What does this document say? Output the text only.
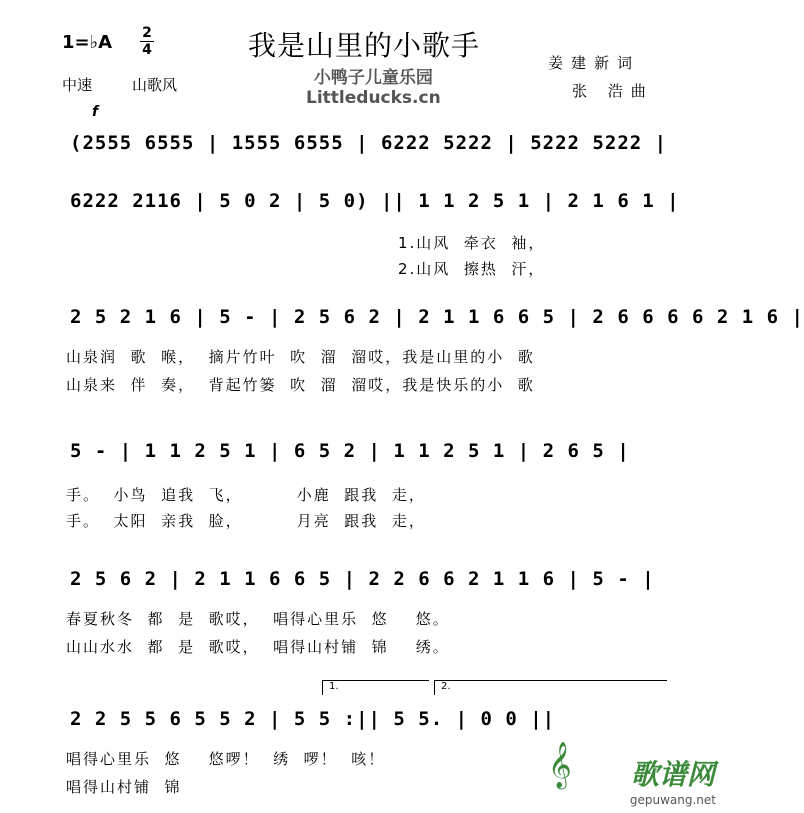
1=♭A 2
4	我是山里的小歌手
中速	山歌风	小鸭子儿童乐园
Littleducks.cn
姜建新词
张 浩曲
f
(2555 6555 | 1555 6555 | 6222 5222 | 5222 5222 |
6222 2116 | 5 0 2 | 5 0) || 1 1 2 5 1 | 2 1 6 1 |
1.山风  牵衣  袖，
2.山风  擦热  汗，
2 5 2 1 6 | 5 - | 2 5 6 2 | 2 1 1 6 6 5 | 2 6 6 6 6 2 1 6 |
山泉润  歌  喉，  摘片竹叶  吹  溜  溜哎，我是山里的小  歌
山泉来  伴  奏，  背起竹篓  吹  溜  溜哎，我是快乐的小  歌
5 - | 1 1 2 5 1 | 6 5 2 | 1 1 2 5 1 | 2 6 5 |
手。  小鸟  追我  飞，        小鹿  跟我  走，
手。  太阳  亲我  脸，        月亮  跟我  走，
2 5 6 2 | 2 1 1 6 6 5 | 2 2 6 6 2 1 1 6 | 5 - |
春夏秋冬  都  是  歌哎，  唱得心里乐  悠    悠。
山山水水  都  是  歌哎，  唱得山村铺  锦    绣。
1.	2.
2 2 5 5 6 5 5 2 | 5 5 :|| 5 5. | 0 0 ||
唱得心里乐  悠    悠啰！  绣  啰！  咳！
唱得山村铺  锦	𝄞 歌谱网
gepuwang.net
